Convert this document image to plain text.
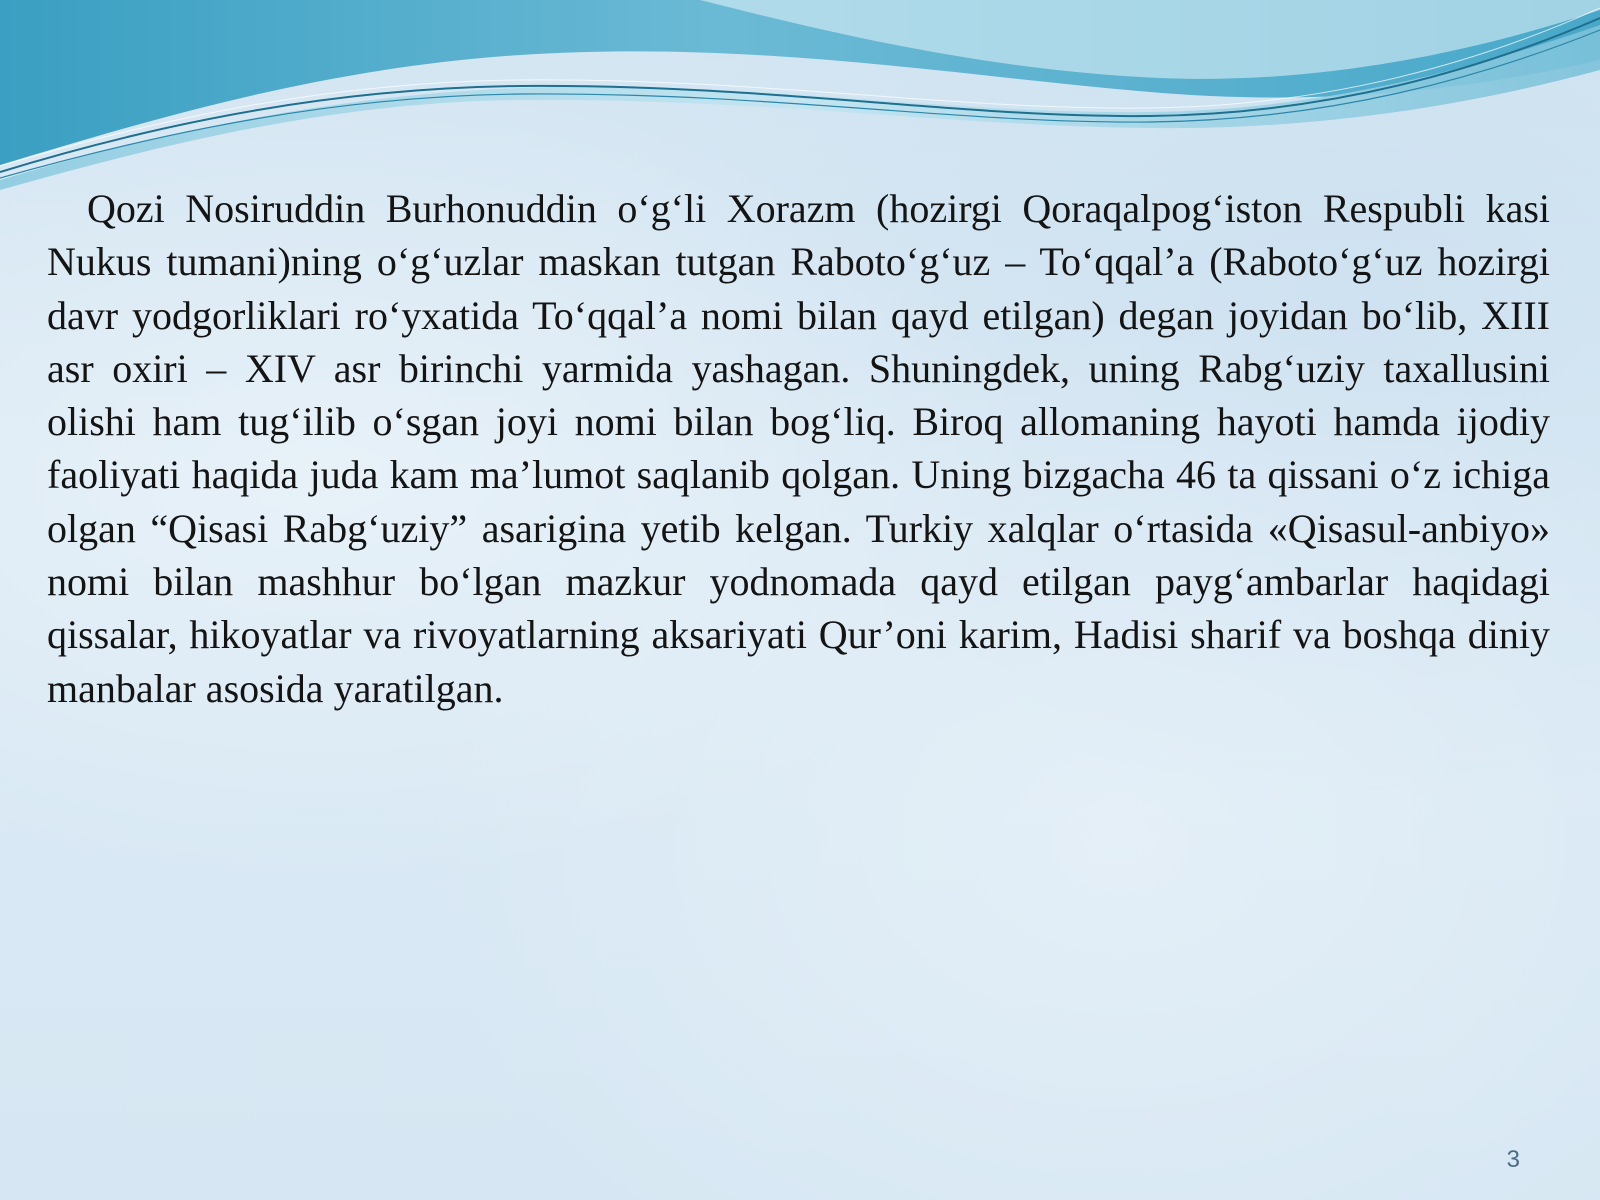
Qozi Nosiruddin Burhonuddin o‘g‘li Xorazm (hozirgi Qoraqalpog‘iston Respubli kasi Nukus tumani)ning o‘g‘uzlar maskan tutgan Raboto‘g‘uz – To‘qqal’a (Raboto‘g‘uz hozirgi davr yodgorliklari ro‘yxatida To‘qqal’a nomi bilan qayd etilgan) degan joyidan bo‘lib, XIII asr oxiri – XIV asr birinchi yarmida yashagan. Shuningdek, uning Rabg‘uziy taxallusini olishi ham tug‘ilib o‘sgan joyi nomi bilan bog‘liq. Biroq allomaning hayoti hamda ijodiy faoliyati haqida juda kam ma’lumot saqlanib qolgan. Uning bizgacha 46 ta qissani o‘z ichiga olgan “Qisasi Rabg‘uziy” asarigina yetib kelgan. Turkiy xalqlar o‘rtasida «Qisasul-anbiyo» nomi bilan mashhur bo‘lgan mazkur yodnomada qayd etilgan payg‘ambarlar haqidagi qissalar, hikoyatlar va rivoyatlarning aksariyati Qur’oni karim, Hadisi sharif va boshqa diniy manbalar asosida yaratilgan.

3
